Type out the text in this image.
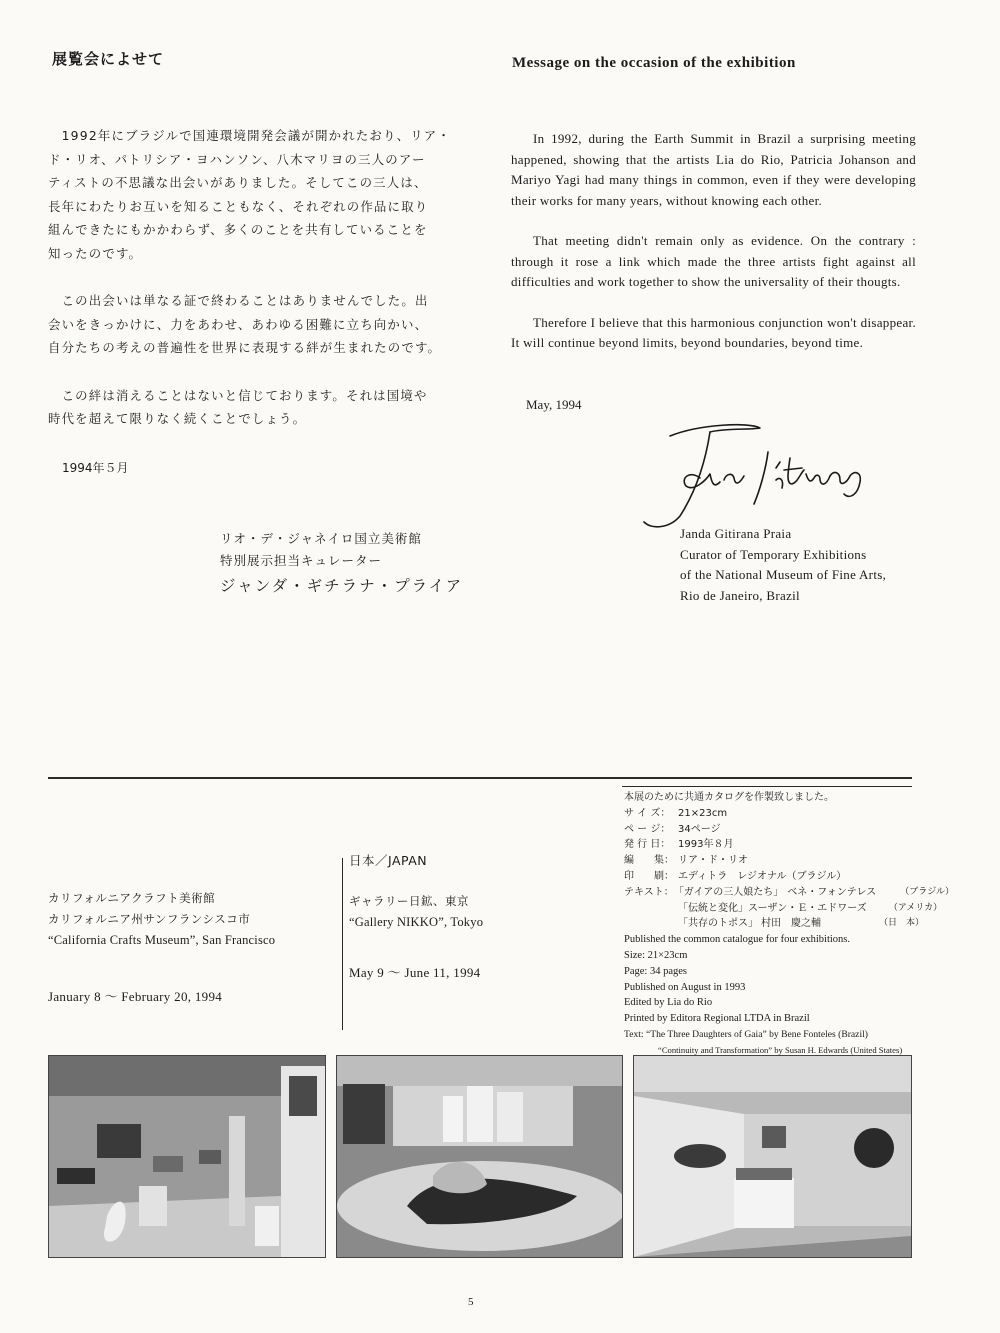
展覧会によせて	Message on the occasion of the exhibition

　1992年にブラジルで国連環境開発会議が開かれたおり、リア・
ド・リオ、パトリシア・ヨハンソン、八木マリヨの三人のアー
ティストの不思議な出会いがありました。そしてこの三人は、
長年にわたりお互いを知ることもなく、それぞれの作品に取り
組んできたにもかかわらず、多くのことを共有していることを
知ったのです。

　この出会いは単なる証で終わることはありませんでした。出
会いをきっかけに、力をあわせ、あわゆる困難に立ち向かい、
自分たちの考えの普遍性を世界に表現する絆が生まれたのです。

　この絆は消えることはないと信じております。それは国境や
時代を超えて限りなく続くことでしょう。

1994年５月
リオ・デ・ジャネイロ国立美術館
特別展示担当キュレーター
ジャンダ・ギチラナ・プライア

In 1992, during the Earth Summit in Brazil a surprising meeting happened, showing that the artists Lia do Rio, Patricia Johanson and Mariyo Yagi had many things in common, even if they were developing their works for many years, without knowing each other.

That meeting didn't remain only as evidence. On the contrary : through it rose a link which made the three artists fight against all difficulties and work together to show the universality of their thougts.

Therefore I believe that this harmonious conjunction won't disappear. It will continue beyond limits, beyond boundaries, beyond time.

May, 1994
Janda Gitirana Praia
Curator of Temporary Exhibitions
of the National Museum of Fine Arts,
Rio de Janeiro, Brazil
カリフォルニアクラフト美術館
カリフォルニア州サンフランシスコ市
“California Crafts Museum”, San Francisco
January 8 ～ February 20, 1994
日本／JAPAN
ギャラリー日鉱、東京
“Gallery NIKKO”, Tokyo
May 9 ～ June 11, 1994
本展のために共通カタログを作製致しました。
サ イ ズ： 21×23cm
ペ ー ジ： 34ページ
発 行 日： 1993年８月
編　　集： リア・ド・リオ
印　　刷： エディトラ　レジオナル（ブラジル）
テキスト： 「ガイアの三人娘たち」 ベネ・フォンテレス	（ブラジル）
「伝統と変化」 スーザン・Ｅ・エドワーズ （アメリカ）
「共存のトポス」 村田　慶之輔	（日　本）
Published the common catalogue for four exhibitions.
Size: 21×23cm
Page: 34 pages
Published on August in 1993
Edited by Lia do Rio
Printed by Editora Regional LTDA in Brazil
Text: “The Three Daughters of Gaia” by Bene Fonteles (Brazil)
“Continuity and Transformation” by Susan H. Edwards (United States)
5
